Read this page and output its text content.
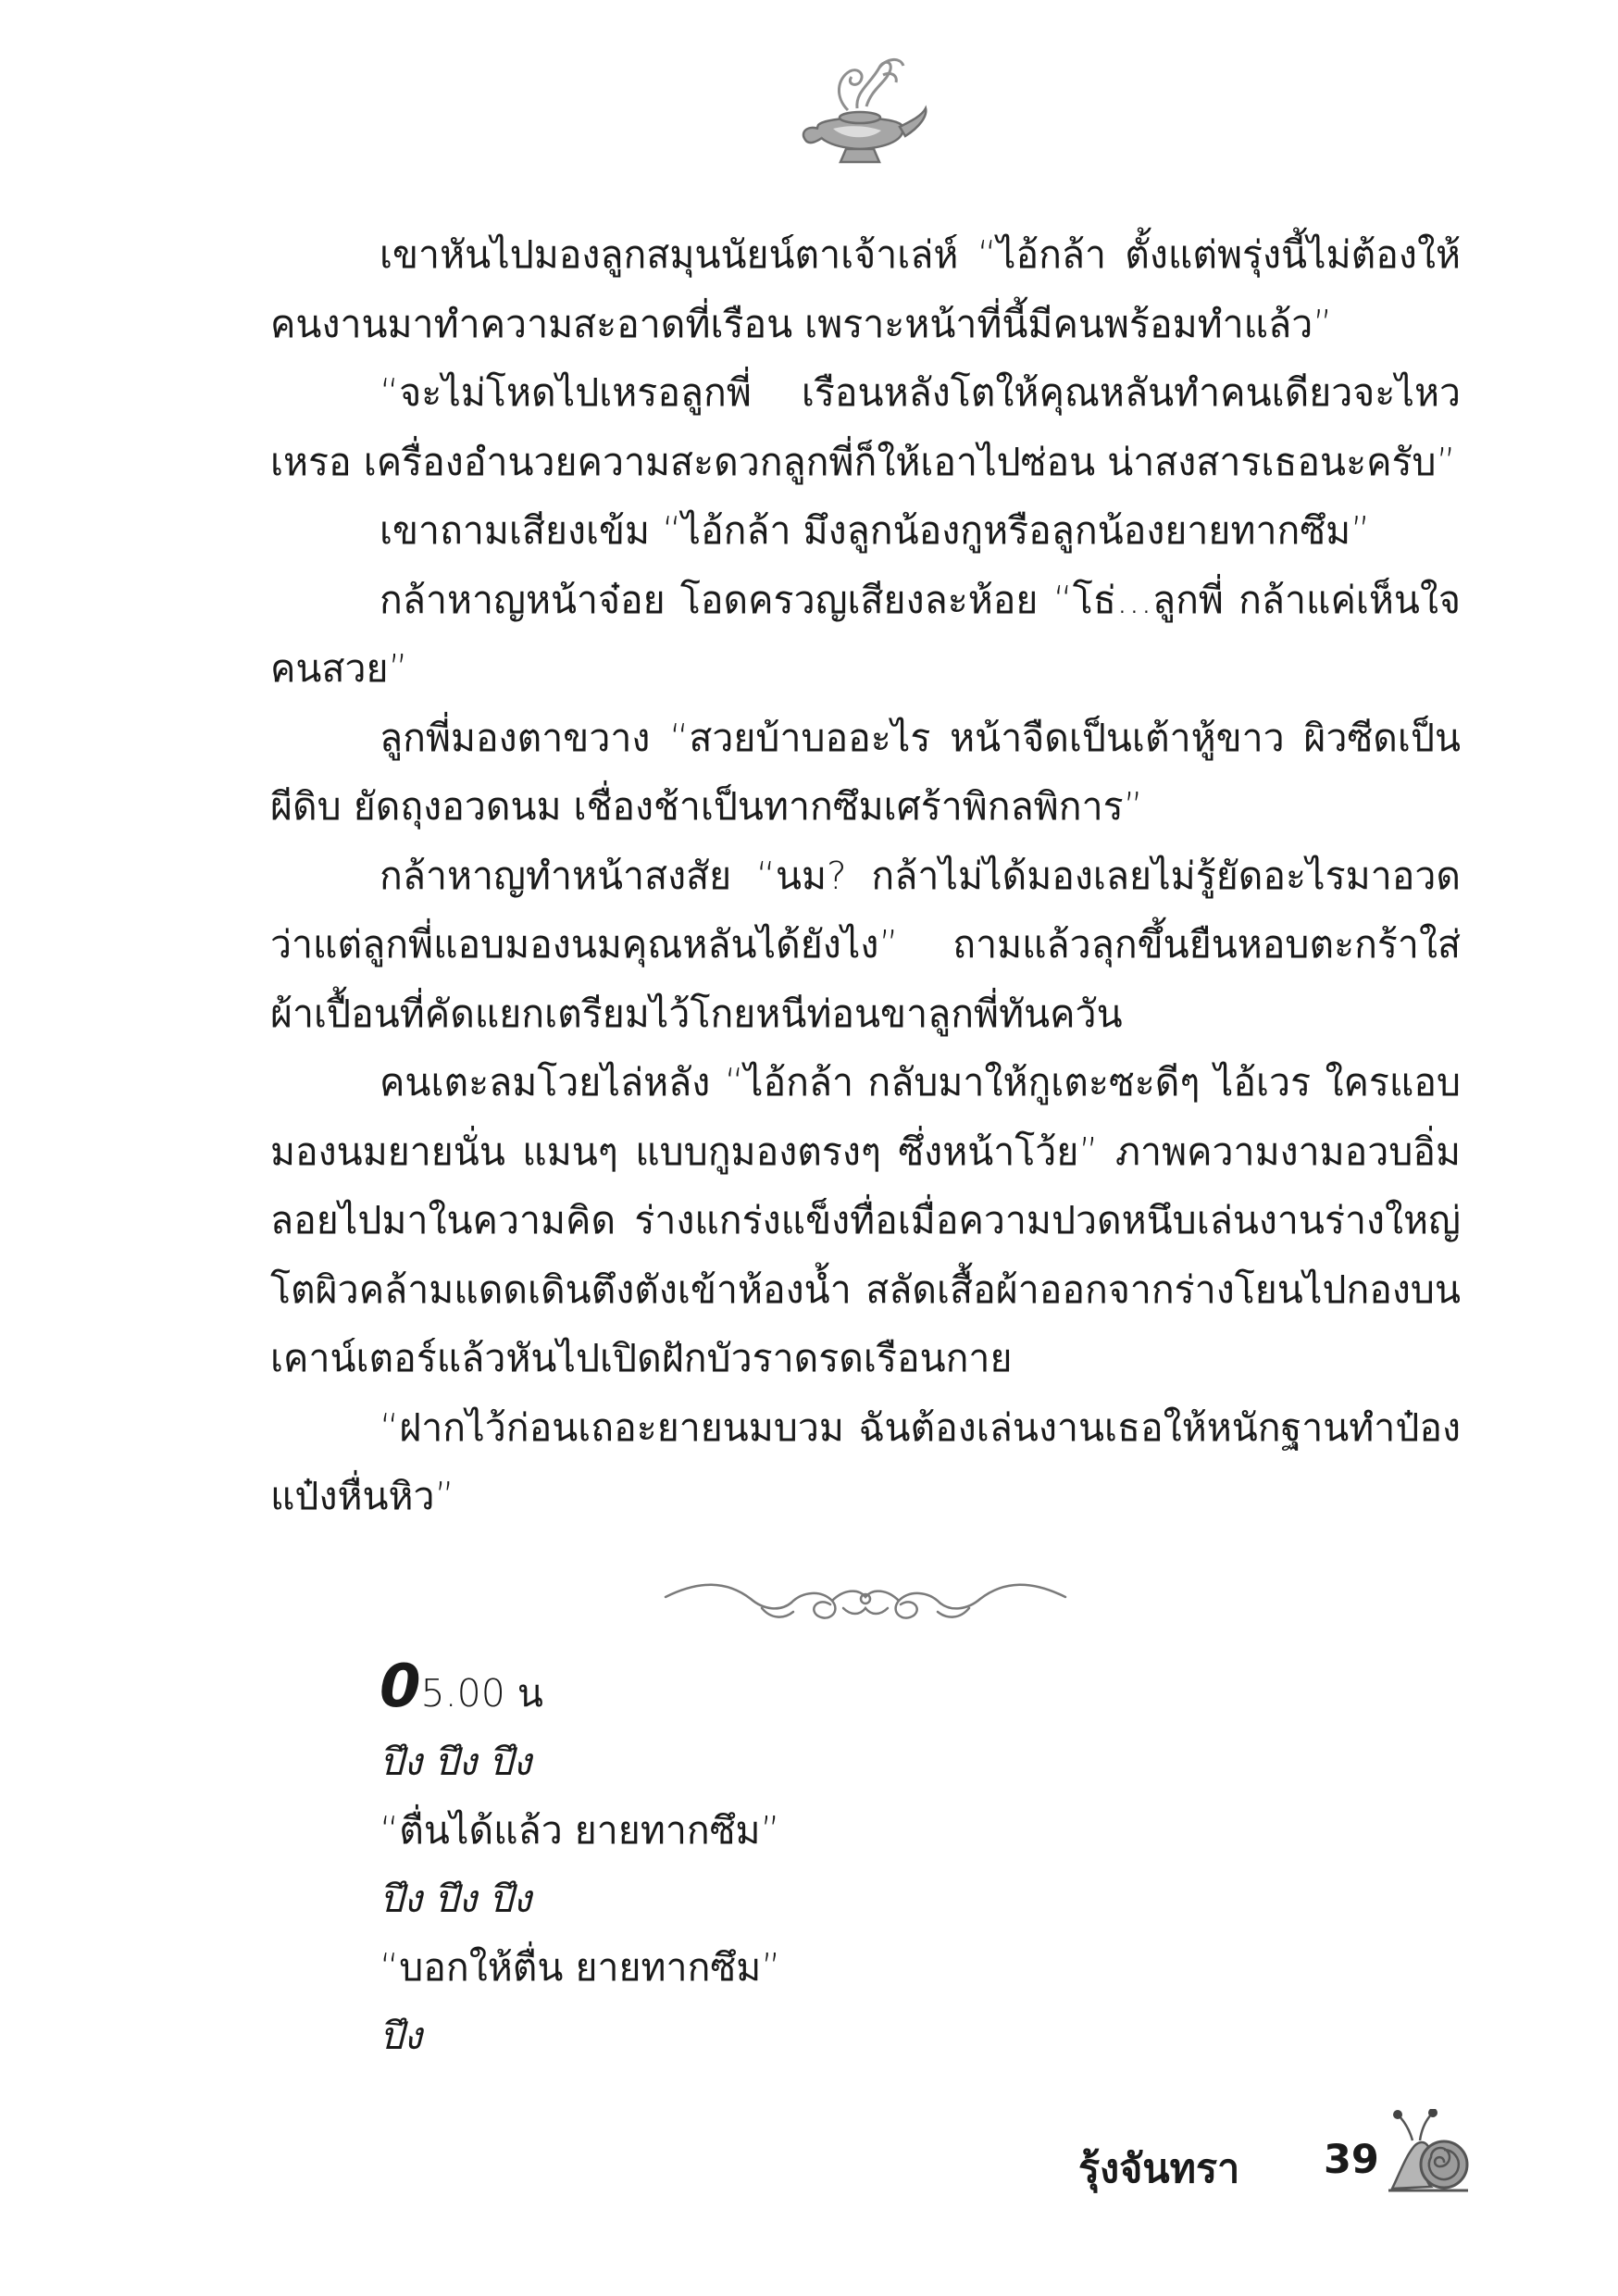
เขาหันไปมองลูกสมุนนัยน์ตาเจ้าเล่ห์ “ไอ้กล้า ตั้งแต่พรุ่งนี้ไม่ต้องให้คนงานมาทำความสะอาดที่เรือน เพราะหน้าที่นี้มีคนพร้อมทำแล้ว”

“จะไม่โหดไปเหรอลูกพี่ เรือนหลังโตให้คุณหลันทำคนเดียวจะไหวเหรอ เครื่องอำนวยความสะดวกลูกพี่ก็ให้เอาไปซ่อน น่าสงสารเธอนะครับ”

เขาถามเสียงเข้ม “ไอ้กล้า มึงลูกน้องกูหรือลูกน้องยายทากซึม”

กล้าหาญหน้าจ๋อย โอดครวญเสียงละห้อย “โธ่...ลูกพี่ กล้าแค่เห็นใจคนสวย”

ลูกพี่มองตาขวาง “สวยบ้าบออะไร หน้าจืดเป็นเต้าหู้ขาว ผิวซีดเป็นผีดิบ ยัดถุงอวดนม เชื่องช้าเป็นทากซึมเศร้าพิกลพิการ”

กล้าหาญทำหน้าสงสัย “นม? กล้าไม่ได้มองเลยไม่รู้ยัดอะไรมาอวด ว่าแต่ลูกพี่แอบมองนมคุณหลันได้ยังไง” ถามแล้วลุกขึ้นยืนหอบตะกร้าใส่ผ้าเปื้อนที่คัดแยกเตรียมไว้โกยหนีท่อนขาลูกพี่ทันควัน

คนเตะลมโวยไล่หลัง “ไอ้กล้า กลับมาให้กูเตะซะดีๆ ไอ้เวร ใครแอบมองนมยายนั่น แมนๆ แบบกูมองตรงๆ ซึ่งหน้าโว้ย” ภาพความงามอวบอิ่มลอยไปมาในความคิด ร่างแกร่งแข็งทื่อเมื่อความปวดหนึบเล่นงานร่างใหญ่โตผิวคล้ามแดดเดินตึงตังเข้าห้องน้ำ สลัดเสื้อผ้าออกจากร่างโยนไปกองบนเคาน์เตอร์แล้วหันไปเปิดฝักบัวราดรดเรือนกาย

“ฝากไว้ก่อนเถอะยายนมบวม ฉันต้องเล่นงานเธอให้หนักฐานทำป๋องแป๋งหื่นหิว”

05.00 น
ปึง ปึง ปึง
“ตื่นได้แล้ว ยายทากซึม”
ปึง ปึง ปึง
“บอกให้ตื่น ยายทากซึม”
ปึง
รุ้งจันทรา 39
